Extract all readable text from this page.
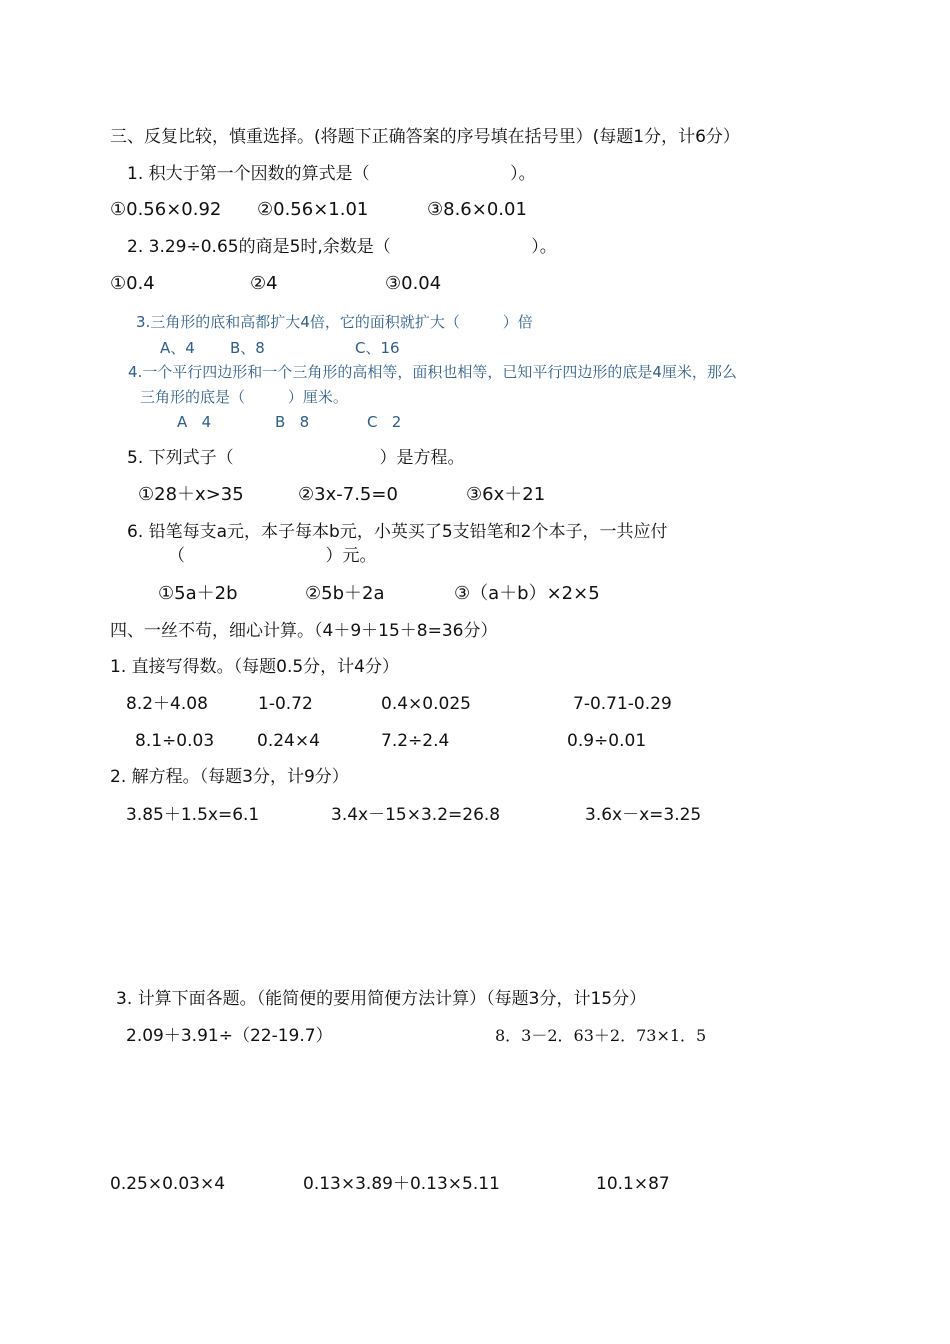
三、反复比较，慎重选择。(将题下正确答案的序号填在括号里）(每题1分，计6分）
1. 积大于第一个因数的算式是（                          ）。
①0.56×0.92 ②0.56×1.01	③8.6×0.01
2. 3.29÷0.65的商是5时,余数是（                          ）。
①0.4	②4	③0.04
3.三角形的底和高都扩大4倍，它的面积就扩大（         ）倍
A、4 B、8	C、16
4.一个平行四边形和一个三角形的高相等，面积也相等，已知平行四边形的底是4厘米，那么
三角形的底是（         ）厘米。
A   4	B   8	C   2
5. 下列式子（                           ）是方程。
①28＋x>35	②3x-7.5=0	③6x＋21
6. 铅笔每支a元，本子每本b元，小英买了5支铅笔和2个本子，一共应付
（                          ）元。
①5a＋2b	②5b＋2a	③（a＋b）×2×5
四、一丝不苟，细心计算。（4＋9＋15＋8=36分）
1. 直接写得数。（每题0.5分，计4分）
8.2＋4.08	1-0.72	0.4×0.025	7-0.71-0.29
8.1÷0.03	0.24×4	7.2÷2.4	0.9÷0.01
2. 解方程。（每题3分，计9分）
3.85＋1.5x=6.1	3.4x－15×3.2=26.8	3.6x－x=3.25
3. 计算下面各题。（能简便的要用简便方法计算）（每题3分，计15分）
2.09＋3.91÷（22-19.7）	8．3－2．63＋2．73×1．5
0.25×0.03×4	0.13×3.89＋0.13×5.11	10.1×87
